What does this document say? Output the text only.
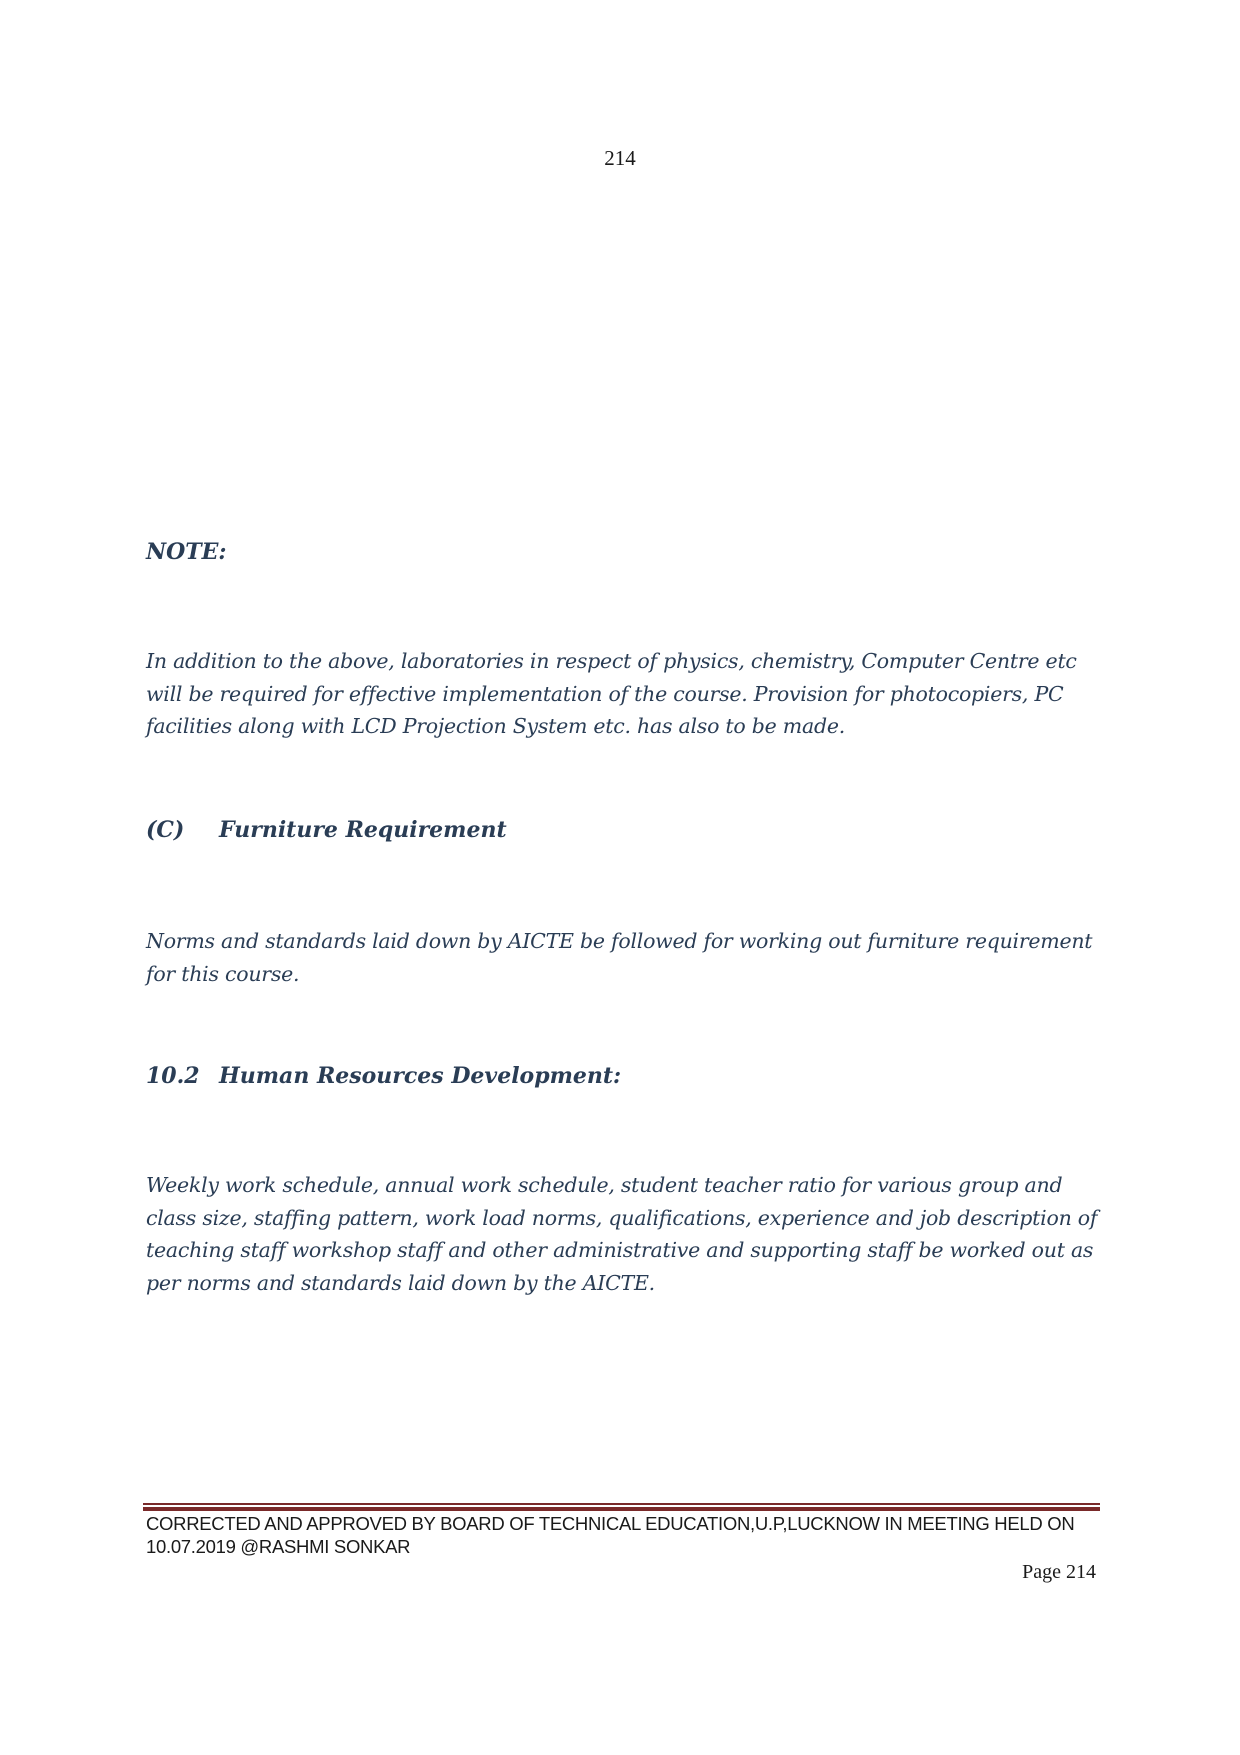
214
NOTE:
In addition to the above, laboratories in respect of physics, chemistry, Computer Centre etc
will be required for effective implementation of the course. Provision for photocopiers, PC
facilities along with LCD Projection System etc. has also to be made.
(C)	Furniture Requirement
Norms and standards laid down by AICTE be followed for working out furniture requirement
for this course.
10.2 Human Resources Development:
Weekly work schedule, annual work schedule, student teacher ratio for various group and
class size, staffing pattern, work load norms, qualifications, experience and job description of
teaching staff workshop staff and other administrative and supporting staff be worked out as
per norms and standards laid down by the AICTE.
CORRECTED AND APPROVED BY BOARD OF TECHNICAL EDUCATION,U.P,LUCKNOW IN MEETING HELD ON
10.07.2019 @RASHMI SONKAR
Page 214
